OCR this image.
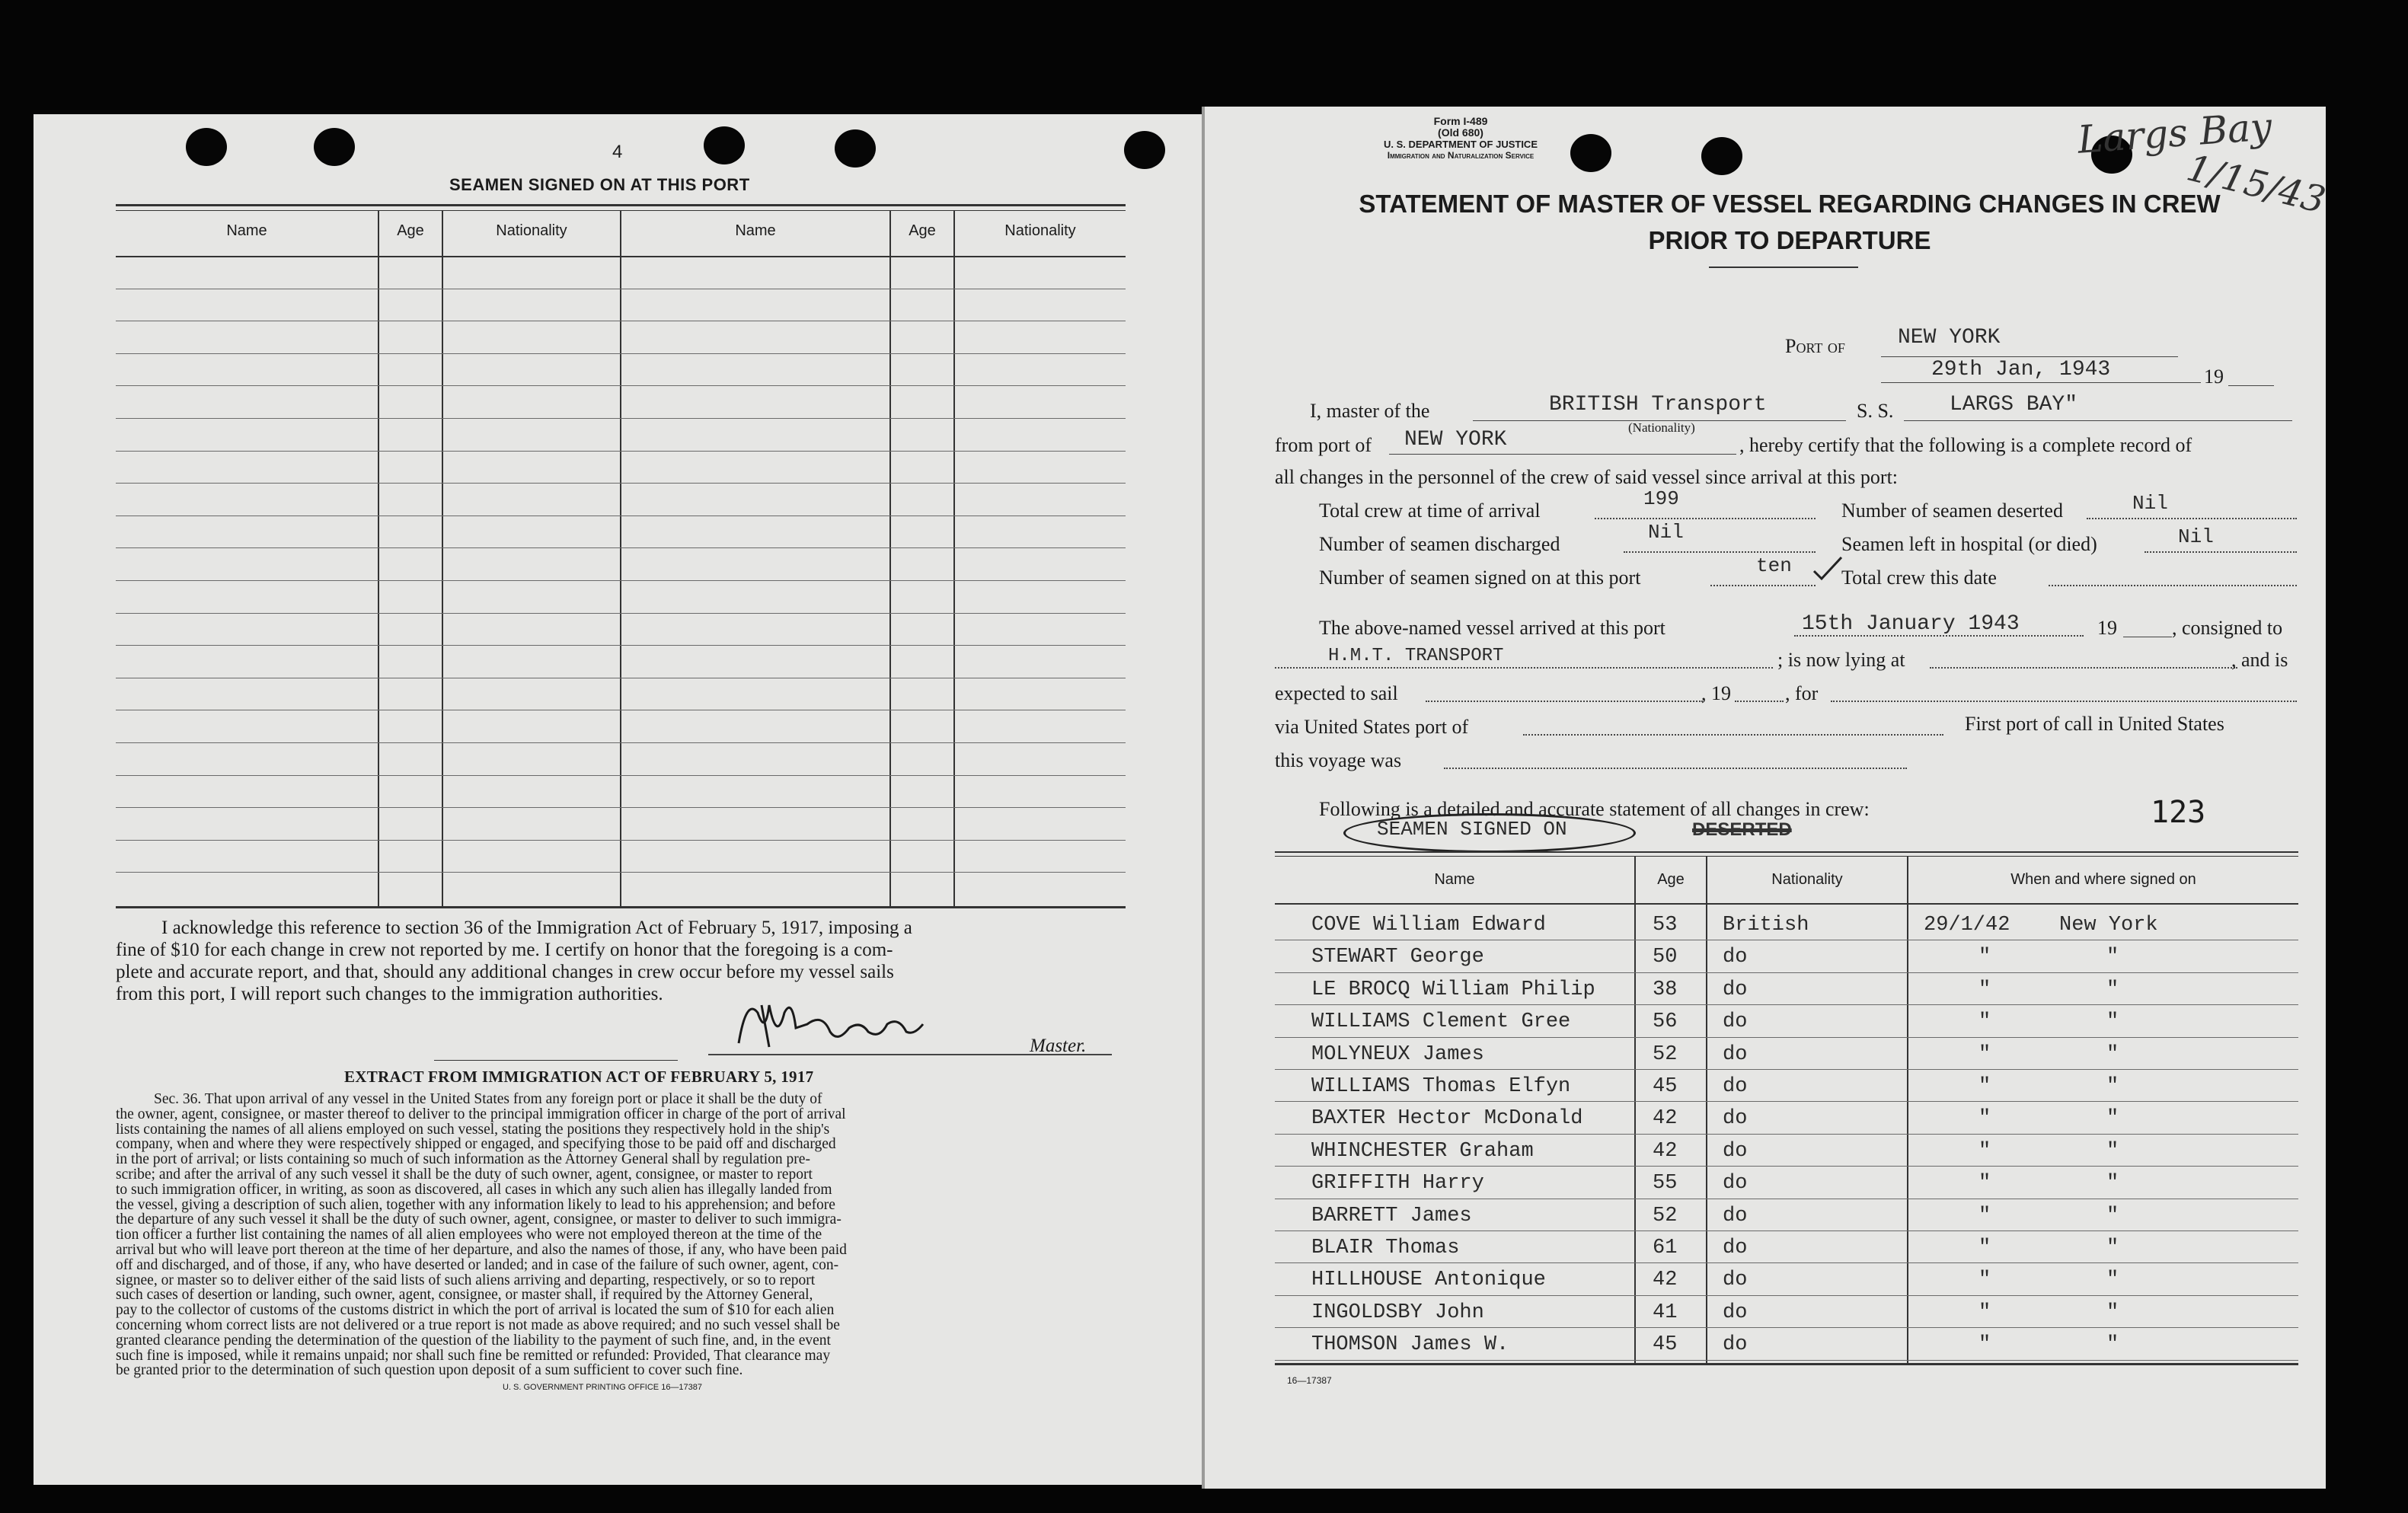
4
SEAMEN SIGNED ON AT THIS PORT
Name	Age	Nationality	Name	Age	Nationality
I acknowledge this reference to section 36 of the Immigration Act of February 5, 1917, imposing a
fine of $10 for each change in crew not reported by me. I certify on honor that the foregoing is a com-
plete and accurate report, and that, should any additional changes in crew occur before my vessel sails
from this port, I will report such changes to the immigration authorities.
Master.
EXTRACT FROM IMMIGRATION ACT OF FEBRUARY 5, 1917
Sec. 36. That upon arrival of any vessel in the United States from any foreign port or place it shall be the duty of
the owner, agent, consignee, or master thereof to deliver to the principal immigration officer in charge of the port of arrival
lists containing the names of all aliens employed on such vessel, stating the positions they respectively hold in the ship's
company, when and where they were respectively shipped or engaged, and specifying those to be paid off and discharged
in the port of arrival; or lists containing so much of such information as the Attorney General shall by regulation pre-
scribe; and after the arrival of any such vessel it shall be the duty of such owner, agent, consignee, or master to report
to such immigration officer, in writing, as soon as discovered, all cases in which any such alien has illegally landed from
the vessel, giving a description of such alien, together with any information likely to lead to his apprehension; and before
the departure of any such vessel it shall be the duty of such owner, agent, consignee, or master to deliver to such immigra-
tion officer a further list containing the names of all alien employees who were not employed thereon at the time of the
arrival but who will leave port thereon at the time of her departure, and also the names of those, if any, who have been paid
off and discharged, and of those, if any, who have deserted or landed; and in case of the failure of such owner, agent, con-
signee, or master so to deliver either of the said lists of such aliens arriving and departing, respectively, or so to report
such cases of desertion or landing, such owner, agent, consignee, or master shall, if required by the Attorney General,
pay to the collector of customs of the customs district in which the port of arrival is located the sum of $10 for each alien
concerning whom correct lists are not delivered or a true report is not made as above required; and no such vessel shall be
granted clearance pending the determination of the question of the liability to the payment of such fine, and, in the event
such fine is imposed, while it remains unpaid; nor shall such fine be remitted or refunded: Provided, That clearance may
be granted prior to the determination of such question upon deposit of a sum sufficient to cover such fine.
U. S. GOVERNMENT PRINTING OFFICE 16—17387
Form I-489
(Old 680)
U. S. DEPARTMENT OF JUSTICE
Immigration and Naturalization Service	Largs Bay
1/15/43
STATEMENT OF MASTER OF VESSEL REGARDING CHANGES IN CREW
PRIOR TO DEPARTURE
Port of NEW YORK
29th Jan, 1943	19
I, master of the	BRITISH Transport
(Nationality)
S. S.	LARGS BAY"
from port of NEW YORK	, hereby certify that the following is a complete record of
all changes in the personnel of the crew of said vessel since arrival at this port:
Total crew at time of arrival
199
Number of seamen deserted	Nil
Number of seamen discharged
Nil
Seamen left in hospital (or died)	Nil
Number of seamen signed on at this port
ten
Total crew this date
The above-named vessel arrived at this port	15th January 1943	19	, consigned to
H.M.T. TRANSPORT	; is now lying at	, and is
expected to sail	, 19	, for
via United States port of	First port of call in United States
this voyage was
Following is a detailed and accurate statement of all changes in crew:	123
SEAMEN SIGNED ON	DESERTED
Name	Age	Nationality	When and where signed on
COVE William Edward	53 British	29/1/42 New York
STEWART George	50 do	"	"
LE BROCQ William Philip	38 do	"	"
WILLIAMS Clement Gree	56 do	"	"
MOLYNEUX James	52 do	"	"
WILLIAMS Thomas Elfyn	45 do	"	"
BAXTER Hector McDonald	42 do	"	"
WHINCHESTER Graham	42 do	"	"
GRIFFITH Harry	55 do	"	"
BARRETT James	52 do	"	"
BLAIR Thomas	61 do	"	"
HILLHOUSE Antonique	42 do	"	"
INGOLDSBY John	41 do	"	"
THOMSON James W.	45 do	"	"
16—17387
